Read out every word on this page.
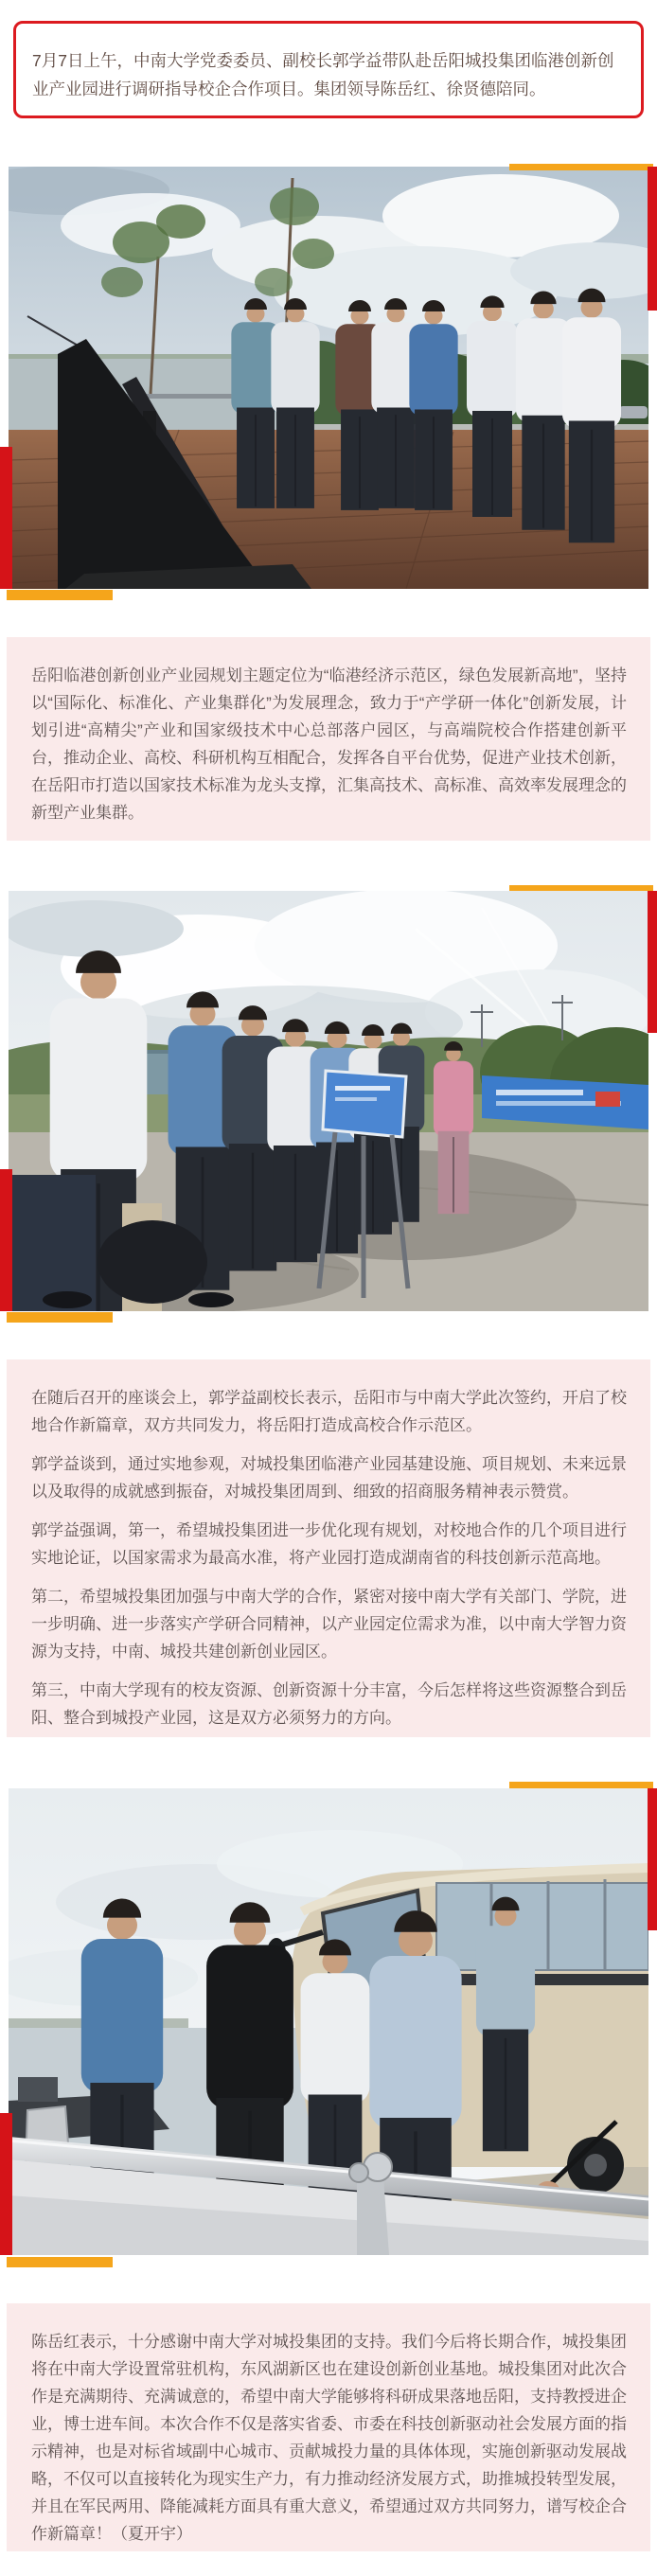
7月7日上午，中南大学党委委员、副校长郭学益带队赴岳阳城投集团临港创新创业产业园进行调研指导校企合作项目。集团领导陈岳红、徐贤德陪同。

岳阳临港创新创业产业园规划主题定位为“临港经济示范区，绿色发展新高地”，坚持以“国际化、标准化、产业集群化”为发展理念，致力于“产学研一体化”创新发展，计划引进“高精尖”产业和国家级技术中心总部落户园区，与高端院校合作搭建创新平台，推动企业、高校、科研机构互相配合，发挥各自平台优势，促进产业技术创新，在岳阳市打造以国家技术标准为龙头支撑，汇集高技术、高标准、高效率发展理念的新型产业集群。

在随后召开的座谈会上，郭学益副校长表示，岳阳市与中南大学此次签约，开启了校地合作新篇章，双方共同发力，将岳阳打造成高校合作示范区。

郭学益谈到，通过实地参观，对城投集团临港产业园基建设施、项目规划、未来远景以及取得的成就感到振奋，对城投集团周到、细致的招商服务精神表示赞赏。

郭学益强调，第一，希望城投集团进一步优化现有规划，对校地合作的几个项目进行实地论证，以国家需求为最高水准，将产业园打造成湖南省的科技创新示范高地。

第二，希望城投集团加强与中南大学的合作，紧密对接中南大学有关部门、学院，进一步明确、进一步落实产学研合同精神，以产业园定位需求为准，以中南大学智力资源为支持，中南、城投共建创新创业园区。

第三，中南大学现有的校友资源、创新资源十分丰富，今后怎样将这些资源整合到岳阳、整合到城投产业园，这是双方必须努力的方向。

陈岳红表示，十分感谢中南大学对城投集团的支持。我们今后将长期合作，城投集团将在中南大学设置常驻机构，东风湖新区也在建设创新创业基地。城投集团对此次合作是充满期待、充满诚意的，希望中南大学能够将科研成果落地岳阳，支持教授进企业，博士进车间。本次合作不仅是落实省委、市委在科技创新驱动社会发展方面的指示精神，也是对标省域副中心城市、贡献城投力量的具体体现，实施创新驱动发展战略，不仅可以直接转化为现实生产力，有力推动经济发展方式，助推城投转型发展，并且在军民两用、降能减耗方面具有重大意义，希望通过双方共同努力，谱写校企合作新篇章！（夏开宇）
